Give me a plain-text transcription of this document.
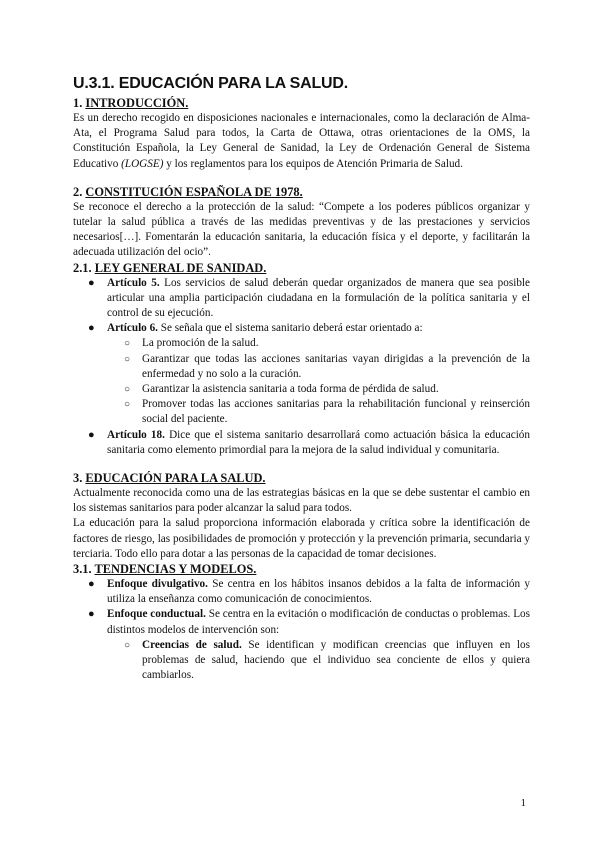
U.3.1. EDUCACIÓN PARA LA SALUD.
1. INTRODUCCIÓN.

Es un derecho recogido en disposiciones nacionales e internacionales, como la declaración de Alma-Ata, el Programa Salud para todos, la Carta de Ottawa, otras orientaciones de la OMS, la Constitución Española, la Ley General de Sanidad, la Ley de Ordenación General de Sistema Educativo (LOGSE) y los reglamentos para los equipos de Atención Primaria de Salud.

2. CONSTITUCIÓN ESPAÑOLA DE 1978.

Se reconoce el derecho a la protección de la salud: “Compete a los poderes públicos organizar y tutelar la salud pública a través de las medidas preventivas y de las prestaciones y servicios necesarios[…]. Fomentarán la educación sanitaria, la educación física y el deporte, y facilitarán la adecuada utilización del ocio”.

2.1. LEY GENERAL DE SANIDAD.
● Artículo 5. Los servicios de salud deberán quedar organizados de manera que sea posible articular una amplia participación ciudadana en la formulación de la política sanitaria y el control de su ejecución.
● Artículo 6. Se señala que el sistema sanitario deberá estar orientado a:
○ La promoción de la salud.
○ Garantizar que todas las acciones sanitarias vayan dirigidas a la prevención de la enfermedad y no solo a la curación.
○ Garantizar la asistencia sanitaria a toda forma de pérdida de salud.
○ Promover todas las acciones sanitarias para la rehabilitación funcional y reinserción social del paciente.
● Artículo 18. Dice que el sistema sanitario desarrollará como actuación básica la educación sanitaria como elemento primordial para la mejora de la salud individual y comunitaria.
3. EDUCACIÓN PARA LA SALUD.

Actualmente reconocida como una de las estrategias básicas en la que se debe sustentar el cambio en los sistemas sanitarios para poder alcanzar la salud para todos.

La educación para la salud proporciona información elaborada y crítica sobre la identificación de factores de riesgo, las posibilidades de promoción y protección y la prevención primaria, secundaria y terciaria. Todo ello para dotar a las personas de la capacidad de tomar decisiones.

3.1. TENDENCIAS Y MODELOS.
● Enfoque divulgativo. Se centra en los hábitos insanos debidos a la falta de información y utiliza la enseñanza como comunicación de conocimientos.
● Enfoque conductual. Se centra en la evitación o modificación de conductas o problemas. Los distintos modelos de intervención son:
○ Creencias de salud. Se identifican y modifican creencias que influyen en los problemas de salud, haciendo que el individuo sea conciente de ellos y quiera cambiarlos.
1
